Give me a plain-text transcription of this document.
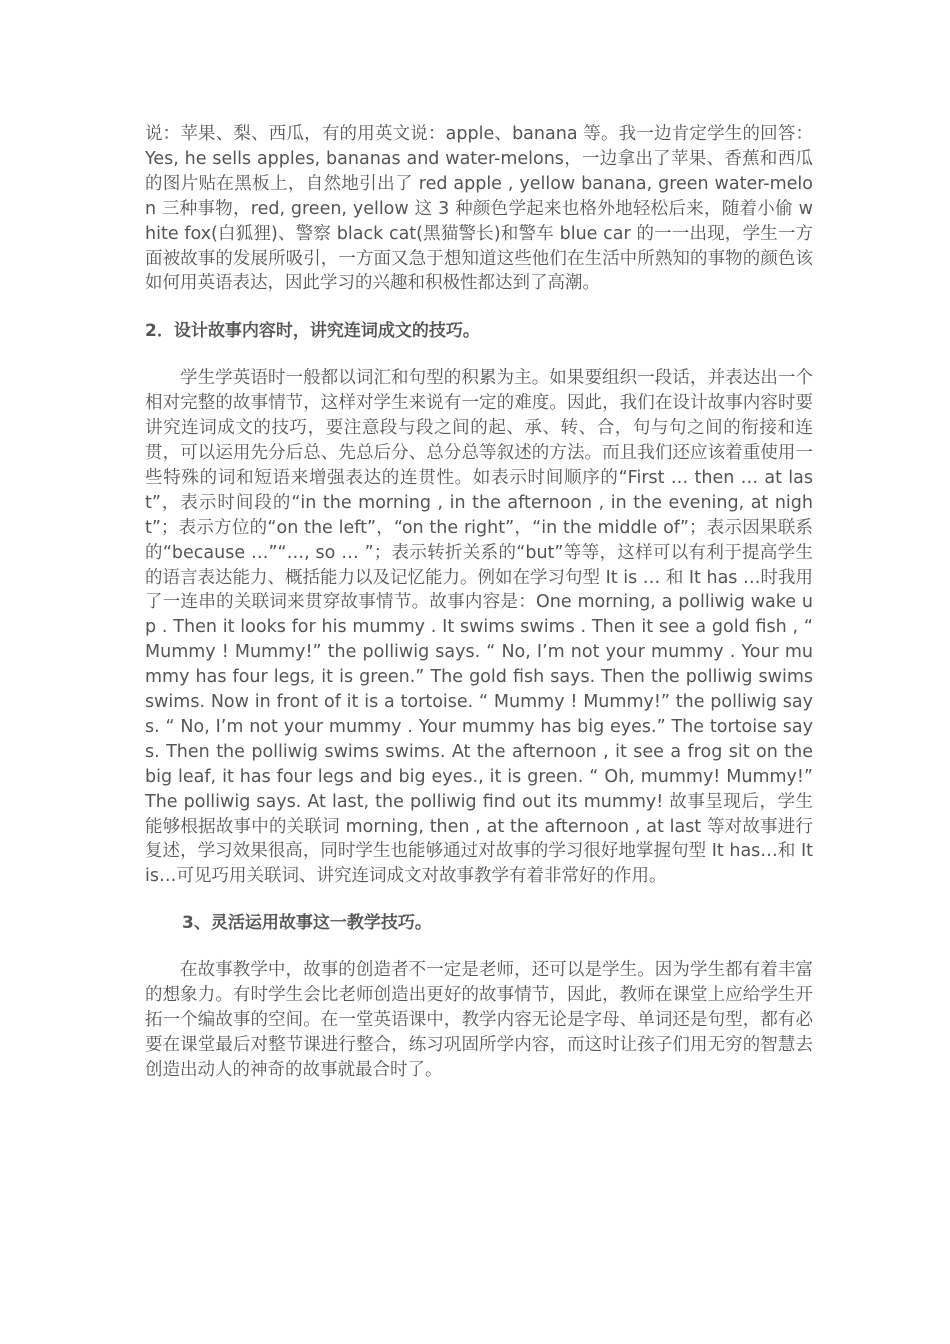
说：苹果、梨、西瓜，有的用英文说：apple、banana 等。我一边肯定学生的回答：Yes, he sells apples, bananas and water-melons，一边拿出了苹果、香蕉和西瓜的图片贴在黑板上，自然地引出了 red apple , yellow banana, green water-melon 三种事物，red, green, yellow 这 3 种颜色学起来也格外地轻松后来，随着小偷 white fox(白狐狸)、警察 black cat(黑猫警长)和警车 blue car 的一一出现，学生一方面被故事的发展所吸引，一方面又急于想知道这些他们在生活中所熟知的事物的颜色该如何用英语表达，因此学习的兴趣和积极性都达到了高潮。

2．设计故事内容时，讲究连词成文的技巧。

学生学英语时一般都以词汇和句型的积累为主。如果要组织一段话，并表达出一个相对完整的故事情节，这样对学生来说有一定的难度。因此，我们在设计故事内容时要讲究连词成文的技巧，要注意段与段之间的起、承、转、合，句与句之间的衔接和连贯，可以运用先分后总、先总后分、总分总等叙述的方法。而且我们还应该着重使用一些特殊的词和短语来增强表达的连贯性。如表示时间顺序的“First … then … at last”，表示时间段的“in the morning , in the afternoon , in the evening, at night”；表示方位的“on the left”，“on the right”，“in the middle of”；表示因果联系的“because …”“…, so … ”；表示转折关系的“but”等等，这样可以有利于提高学生的语言表达能力、概括能力以及记忆能力。例如在学习句型 It is … 和 It has …时我用了一连串的关联词来贯穿故事情节。故事内容是：One morning, a polliwig wake up . Then it looks for his mummy . It swims swims . Then it see a gold fish , “ Mummy ! Mummy!” the polliwig says. “ No, I’m not your mummy . Your mummy has four legs, it is green.” The gold fish says. Then the polliwig swims swims. Now in front of it is a tortoise. “ Mummy ! Mummy!” the polliwig says. “ No, I’m not your mummy . Your mummy has big eyes.” The tortoise says. Then the polliwig swims swims. At the afternoon , it see a frog sit on the big leaf, it has four legs and big eyes., it is green. “ Oh, mummy! Mummy!” The polliwig says. At last, the polliwig find out its mummy! 故事呈现后，学生能够根据故事中的关联词 morning, then , at the afternoon , at last 等对故事进行复述，学习效果很高，同时学生也能够通过对故事的学习很好地掌握句型 It has…和 It is…可见巧用关联词、讲究连词成文对故事教学有着非常好的作用。

3、灵活运用故事这一教学技巧。

在故事教学中，故事的创造者不一定是老师，还可以是学生。因为学生都有着丰富的想象力。有时学生会比老师创造出更好的故事情节，因此，教师在课堂上应给学生开拓一个编故事的空间。在一堂英语课中，教学内容无论是字母、单词还是句型，都有必要在课堂最后对整节课进行整合，练习巩固所学内容，而这时让孩子们用无穷的智慧去创造出动人的神奇的故事就最合时了。
